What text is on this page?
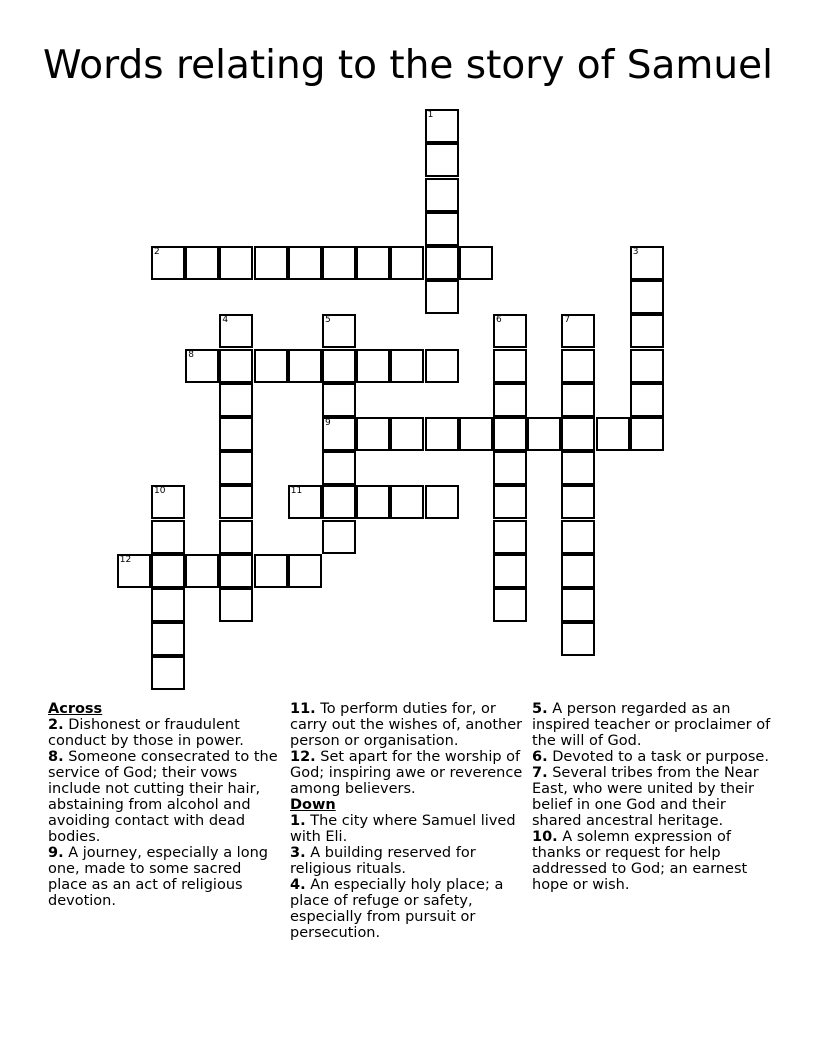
Words relating to the story of Samuel
2
8
9
11
12
1
3
4	5	6	7
10
Across

2. Dishonest or fraudulent conduct by those in power.

8. Someone consecrated to the service of God; their vows include not cutting their hair, abstaining from alcohol and avoiding contact with dead bodies.

9. A journey, especially a long one, made to some sacred place as an act of religious devotion.

11. To perform duties for, or carry out the wishes of, another person or organisation.

12. Set apart for the worship of God; inspiring awe or reverence among believers.

Down

1. The city where Samuel lived with Eli.

3. A building reserved for religious rituals.

4. An especially holy place; a place of refuge or safety, especially from pursuit or persecution.

5. A person regarded as an inspired teacher or proclaimer of the will of God.

6. Devoted to a task or purpose.

7. Several tribes from the Near East, who were united by their belief in one God and their shared ancestral heritage.

10. A solemn expression of thanks or request for help addressed to God; an earnest hope or wish.
